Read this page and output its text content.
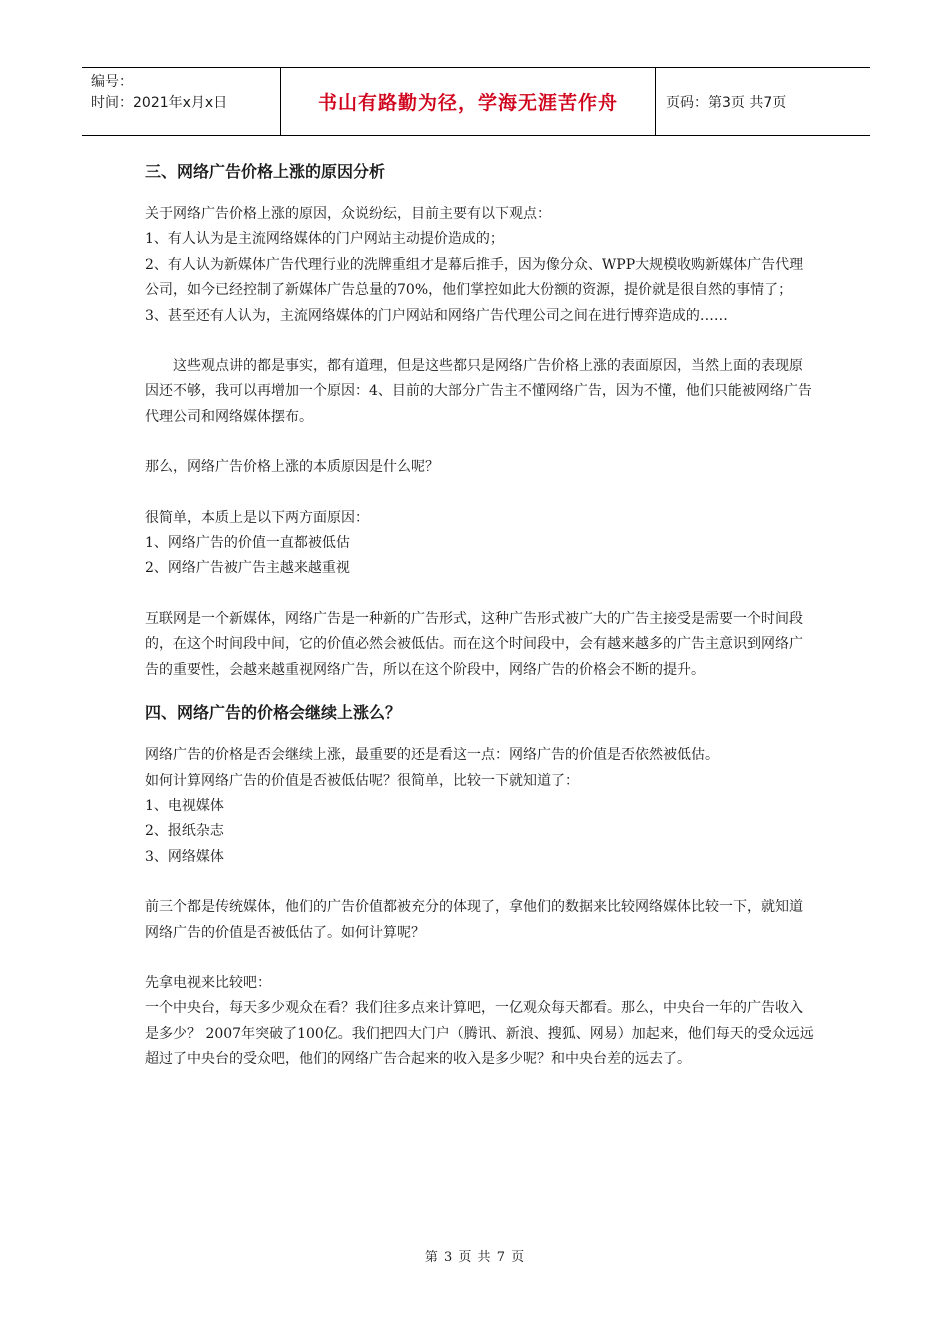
编号：
时间：2021年x月x日	书山有路勤为径，学海无涯苦作舟	页码：第3页 共7页
三、网络广告价格上涨的原因分析

关于网络广告价格上涨的原因，众说纷纭，目前主要有以下观点：

1、有人认为是主流网络媒体的门户网站主动提价造成的；

2、有人认为新媒体广告代理行业的洗牌重组才是幕后推手，因为像分众、WPP大规模收购新媒体广告代理公司，如今已经控制了新媒体广告总量的70%，他们掌控如此大份额的资源，提价就是很自然的事情了；

3、甚至还有人认为，主流网络媒体的门户网站和网络广告代理公司之间在进行博弈造成的……

这些观点讲的都是事实，都有道理，但是这些都只是网络广告价格上涨的表面原因，当然上面的表现原因还不够，我可以再增加一个原因：4、目前的大部分广告主不懂网络广告，因为不懂，他们只能被网络广告代理公司和网络媒体摆布。

那么，网络广告价格上涨的本质原因是什么呢？

很简单，本质上是以下两方面原因：

1、网络广告的价值一直都被低估

2、网络广告被广告主越来越重视

互联网是一个新媒体，网络广告是一种新的广告形式，这种广告形式被广大的广告主接受是需要一个时间段的，在这个时间段中间，它的价值必然会被低估。而在这个时间段中，会有越来越多的广告主意识到网络广告的重要性，会越来越重视网络广告，所以在这个阶段中，网络广告的价格会不断的提升。

四、网络广告的价格会继续上涨么？

网络广告的价格是否会继续上涨，最重要的还是看这一点：网络广告的价值是否依然被低估。

如何计算网络广告的价值是否被低估呢？很简单，比较一下就知道了：

1、电视媒体

2、报纸杂志

3、网络媒体

前三个都是传统媒体，他们的广告价值都被充分的体现了，拿他们的数据来比较网络媒体比较一下，就知道网络广告的价值是否被低估了。如何计算呢？

先拿电视来比较吧：

一个中央台，每天多少观众在看？我们往多点来计算吧，一亿观众每天都看。那么，中央台一年的广告收入是多少？ 2007年突破了100亿。我们把四大门户（腾讯、新浪、搜狐、网易）加起来，他们每天的受众远远超过了中央台的受众吧，他们的网络广告合起来的收入是多少呢？和中央台差的远去了。

第 3 页 共 7 页
